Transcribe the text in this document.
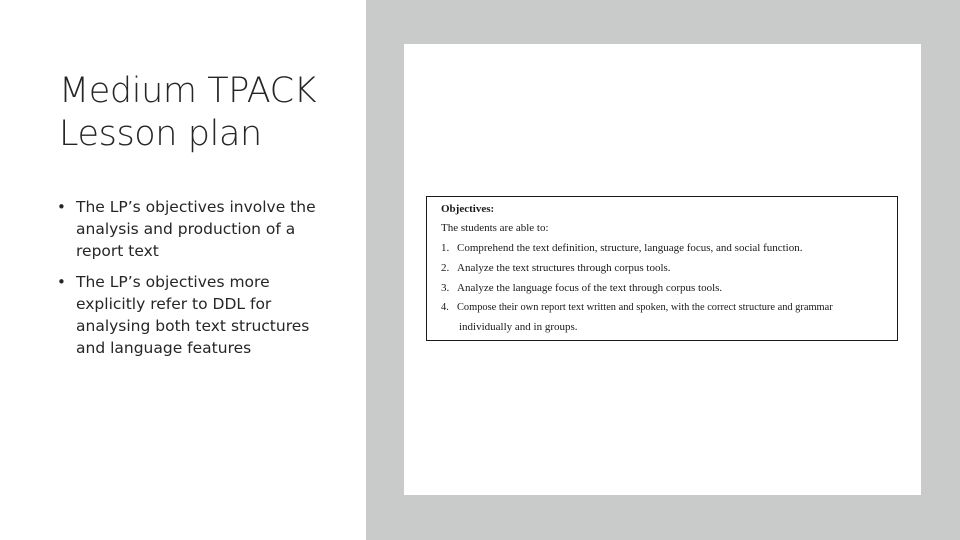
Medium TPACK
Lesson plan
• The LP’s objectives involve the analysis and production of a report text
• The LP’s objectives more explicitly refer to DDL for analysing both text structures and language features
Objectives:
The students are able to:
1. Comprehend the text definition, structure, language focus, and social function.
2. Analyze the text structures through corpus tools.
3. Analyze the language focus of the text through corpus tools.
4. Compose their own report text written and spoken, with the correct structure and grammar
individually and in groups.
